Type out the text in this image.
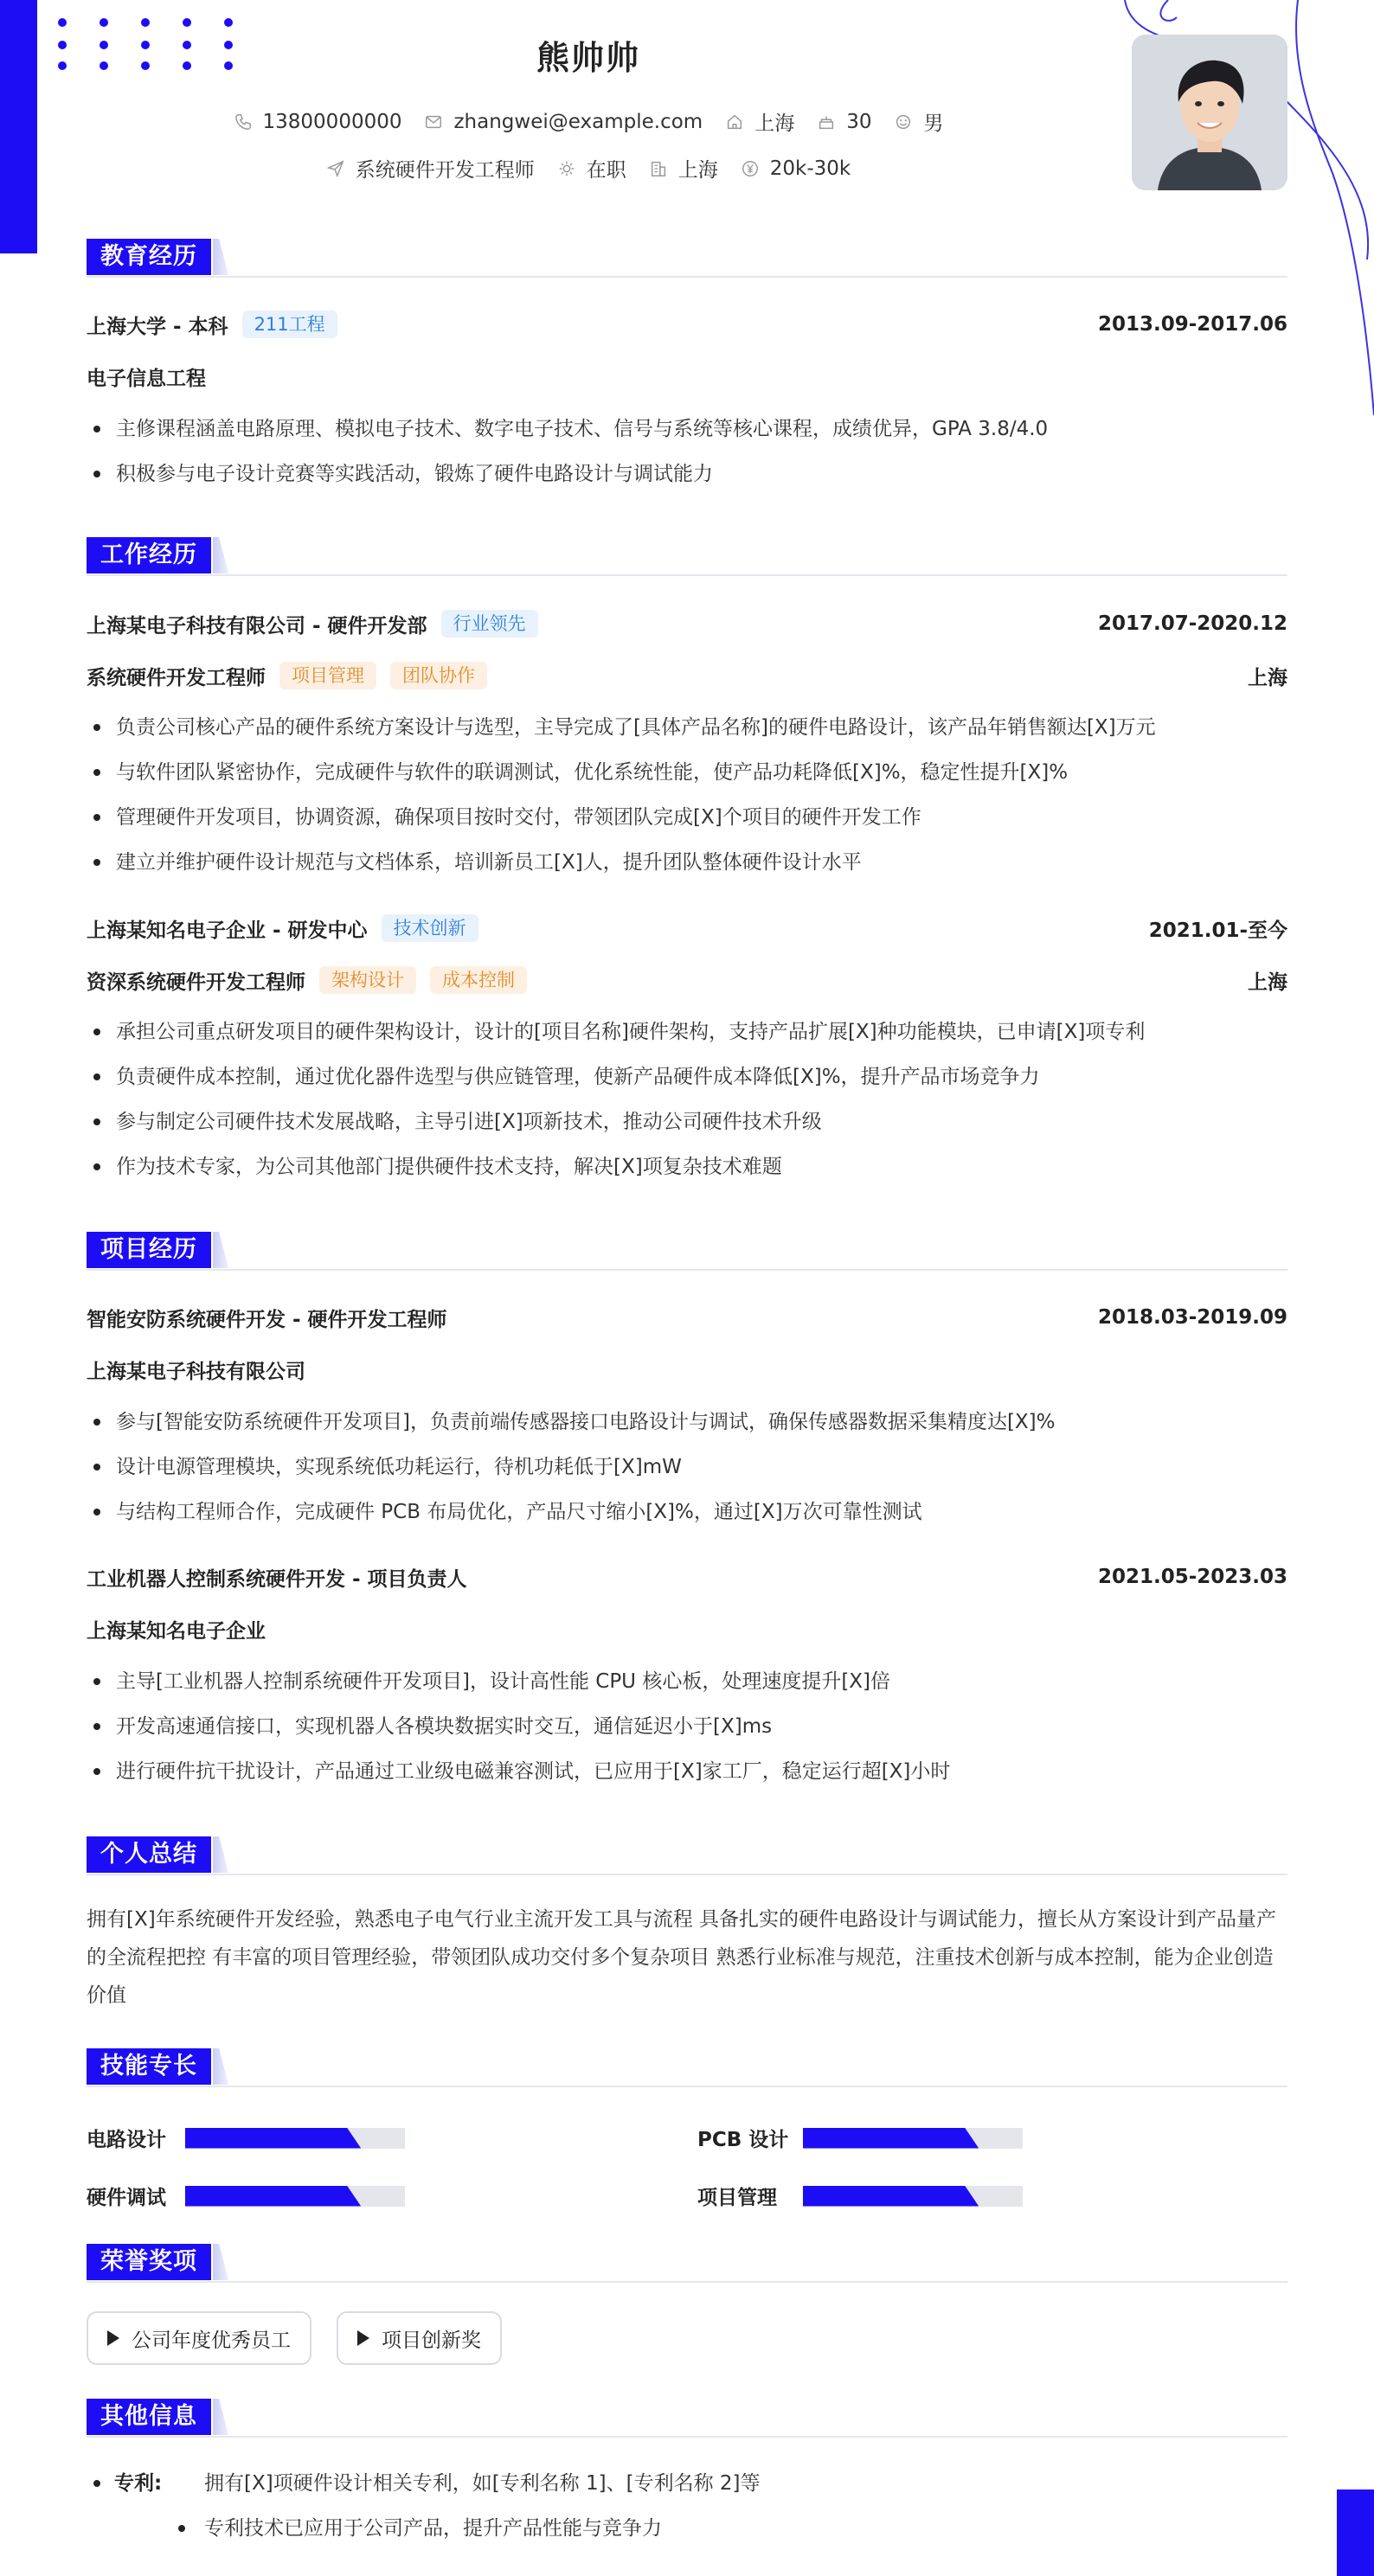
熊帅帅
13800000000	zhangwei@example.com	上海	30	男
系统硬件开发工程师	在职	上海	20k-30k
教育经历
上海大学 - 本科	211工程	2013.09-2017.06
电子信息工程
主修课程涵盖电路原理、模拟电子技术、数字电子技术、信号与系统等核心课程，成绩优异，GPA 3.8/4.0
积极参与电子设计竞赛等实践活动，锻炼了硬件电路设计与调试能力
工作经历
上海某电子科技有限公司 - 硬件开发部	行业领先	2017.07-2020.12
系统硬件开发工程师	项目管理	团队协作	上海
负责公司核心产品的硬件系统方案设计与选型，主导完成了[具体产品名称]的硬件电路设计，该产品年销售额达[X]万元
与软件团队紧密协作，完成硬件与软件的联调测试，优化系统性能，使产品功耗降低[X]%，稳定性提升[X]%
管理硬件开发项目，协调资源，确保项目按时交付，带领团队完成[X]个项目的硬件开发工作
建立并维护硬件设计规范与文档体系，培训新员工[X]人，提升团队整体硬件设计水平
上海某知名电子企业 - 研发中心	技术创新	2021.01-至今
资深系统硬件开发工程师	架构设计	成本控制	上海
承担公司重点研发项目的硬件架构设计，设计的[项目名称]硬件架构，支持产品扩展[X]种功能模块，已申请[X]项专利
负责硬件成本控制，通过优化器件选型与供应链管理，使新产品硬件成本降低[X]%，提升产品市场竞争力
参与制定公司硬件技术发展战略，主导引进[X]项新技术，推动公司硬件技术升级
作为技术专家，为公司其他部门提供硬件技术支持，解决[X]项复杂技术难题
项目经历
智能安防系统硬件开发 - 硬件开发工程师	2018.03-2019.09
上海某电子科技有限公司
参与[智能安防系统硬件开发项目]，负责前端传感器接口电路设计与调试，确保传感器数据采集精度达[X]%
设计电源管理模块，实现系统低功耗运行，待机功耗低于[X]mW
与结构工程师合作，完成硬件 PCB 布局优化，产品尺寸缩小[X]%，通过[X]万次可靠性测试
工业机器人控制系统硬件开发 - 项目负责人	2021.05-2023.03
上海某知名电子企业
主导[工业机器人控制系统硬件开发项目]，设计高性能 CPU 核心板，处理速度提升[X]倍
开发高速通信接口，实现机器人各模块数据实时交互，通信延迟小于[X]ms
进行硬件抗干扰设计，产品通过工业级电磁兼容测试，已应用于[X]家工厂，稳定运行超[X]小时
个人总结
拥有[X]年系统硬件开发经验，熟悉电子电气行业主流开发工具与流程 具备扎实的硬件电路设计与调试能力，擅长从方案设计到产品量产的全流程把控 有丰富的项目管理经验，带领团队成功交付多个复杂项目 熟悉行业标准与规范，注重技术创新与成本控制，能为企业创造价值
技能专长
电路设计	PCB 设计
硬件调试	项目管理
荣誉奖项
公司年度优秀员工	项目创新奖
其他信息
专利: 拥有[X]项硬件设计相关专利，如[专利名称 1]、[专利名称 2]等
专利技术已应用于公司产品，提升产品性能与竞争力
